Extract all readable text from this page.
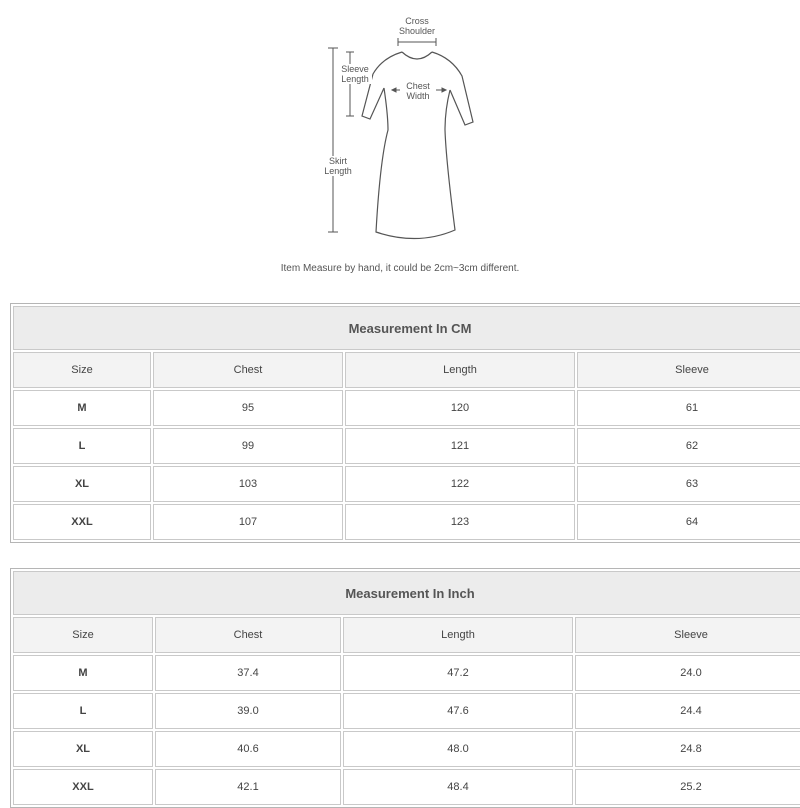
Cross
Shoulder
Sleeve
Length
Chest
Width
Skirt
Length
Item Measure by hand, it could be 2cm~3cm different.
Measurement In CM			
Size	Chest	Length	Sleeve
M	95	120	61
L	99	121	62
XL	103	122	63
XXL	107	123	64
Measurement In Inch			
Size	Chest	Length	Sleeve
M	37.4	47.2	24.0
L	39.0	47.6	24.4
XL	40.6	48.0	24.8
XXL	42.1	48.4	25.2
